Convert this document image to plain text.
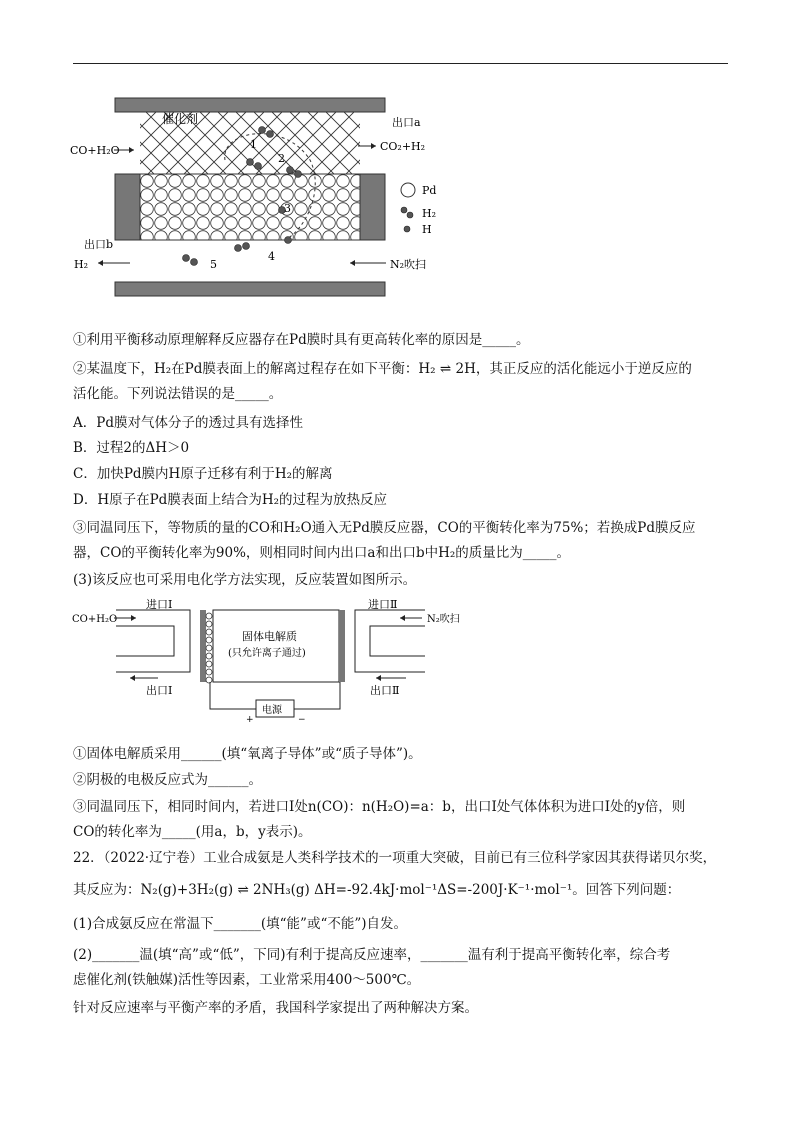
1
2
3
4
5
催化剂
CO+H₂O
出口a
CO₂+H₂
出口b
H₂	N₂吹扫
Pd
H₂
H
①利用平衡移动原理解释反应器存在Pd膜时具有更高转化率的原因是_____。
②某温度下，H₂在Pd膜表面上的解离过程存在如下平衡：H₂ ⇌ 2H，其正反应的活化能远小于逆反应的
活化能。下列说法错误的是_____。
A．Pd膜对气体分子的透过具有选择性
B．过程2的ΔH＞0
C．加快Pd膜内H原子迁移有利于H₂的解离
D．H原子在Pd膜表面上结合为H₂的过程为放热反应
③同温同压下，等物质的量的CO和H₂O通入无Pd膜反应器，CO的平衡转化率为75%；若换成Pd膜反应
器，CO的平衡转化率为90%，则相同时间内出口a和出口b中H₂的质量比为_____。
(3)该反应也可采用电化学方法实现，反应装置如图所示。
进口Ⅰ
CO+H₂O
出口Ⅰ
固体电解质
(只允许离子通过)
进口Ⅱ
N₂吹扫
出口Ⅱ
电源
+	−
①固体电解质采用______(填“氧离子导体”或“质子导体”)。
②阴极的电极反应式为______。
③同温同压下，相同时间内，若进口Ⅰ处n(CO)：n(H₂O)=a：b，出口Ⅰ处气体体积为进口Ⅰ处的y倍，则
CO的转化率为_____(用a，b，y表示)。
22．（2022·辽宁卷）工业合成氨是人类科学技术的一项重大突破，目前已有三位科学家因其获得诺贝尔奖，
其反应为：N₂(g)+3H₂(g) ⇌ 2NH₃(g) ΔH=-92.4kJ·mol⁻¹ΔS=-200J·K⁻¹·mol⁻¹。回答下列问题：
(1)合成氨反应在常温下_______(填“能”或“不能”)自发。
(2)_______温(填“高”或“低”，下同)有利于提高反应速率，_______温有利于提高平衡转化率，综合考
虑催化剂(铁触媒)活性等因素，工业常采用400～500℃。
针对反应速率与平衡产率的矛盾，我国科学家提出了两种解决方案。
